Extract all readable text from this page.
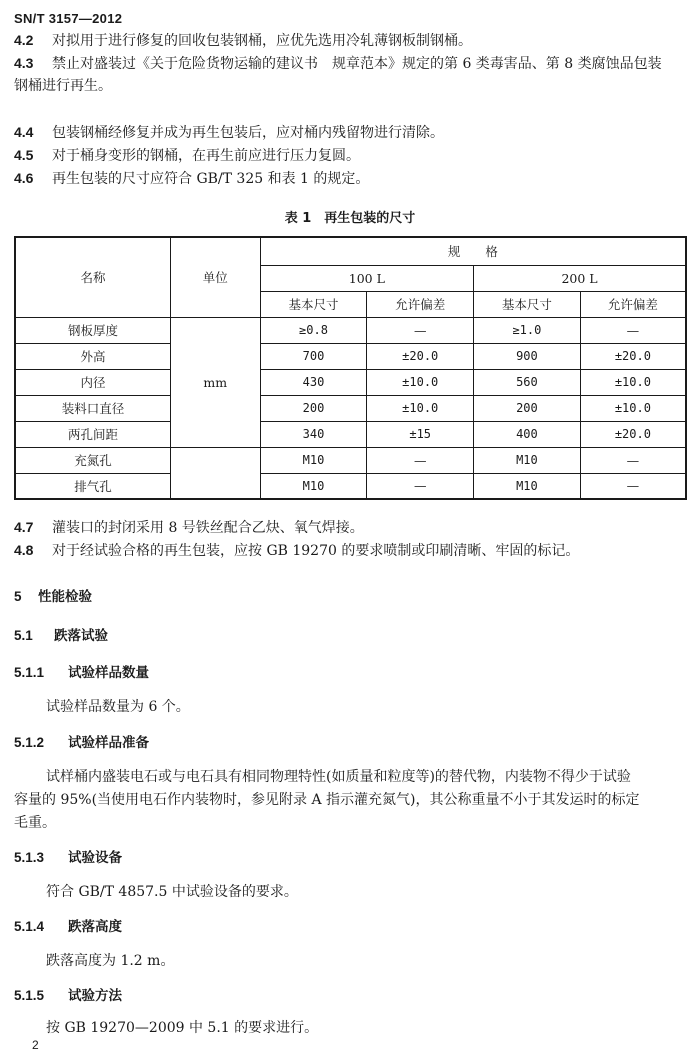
SN/T 3157—2012
4.2 对拟用于进行修复的回收包装钢桶，应优先选用冷轧薄钢板制钢桶。
4.3 禁止对盛装过《关于危险货物运输的建议书　规章范本》规定的第 6 类毒害品、第 8 类腐蚀品包装
钢桶进行再生。
4.4 包装钢桶经修复并成为再生包装后，应对桶内残留物进行清除。
4.5 对于桶身变形的钢桶，在再生前应进行压力复圆。
4.6 再生包装的尺寸应符合 GB/T 325 和表 1 的规定。
表 1　再生包装的尺寸
名称	单位	规　　格			
		100 L		200 L	
		基本尺寸	允许偏差	基本尺寸	允许偏差
钢板厚度	mm	≥0.8	—	≥1.0	—
外高		700	±20.0	900	±20.0
内径		430	±10.0	560	±10.0
装料口直径		200	±10.0	200	±10.0
两孔间距		340	±15	400	±20.0
充氮孔		M10	—	M10	—
排气孔		M10	—	M10	—
4.7 灌装口的封闭采用 8 号铁丝配合乙炔、氧气焊接。
4.8 对于经试验合格的再生包装，应按 GB 19270 的要求喷制或印刷清晰、牢固的标记。
5 性能检验
5.1 跌落试验
5.1.1 试验样品数量
试验样品数量为 6 个。
5.1.2 试验样品准备
试样桶内盛装电石或与电石具有相同物理特性(如质量和粒度等)的替代物，内装物不得少于试验
容量的 95%(当使用电石作内装物时，参见附录 A 指示灌充氮气)，其公称重量不小于其发运时的标定
毛重。
5.1.3 试验设备
符合 GB/T 4857.5 中试验设备的要求。
5.1.4 跌落高度
跌落高度为 1.2 m。
5.1.5 试验方法
按 GB 19270—2009 中 5.1 的要求进行。
2
